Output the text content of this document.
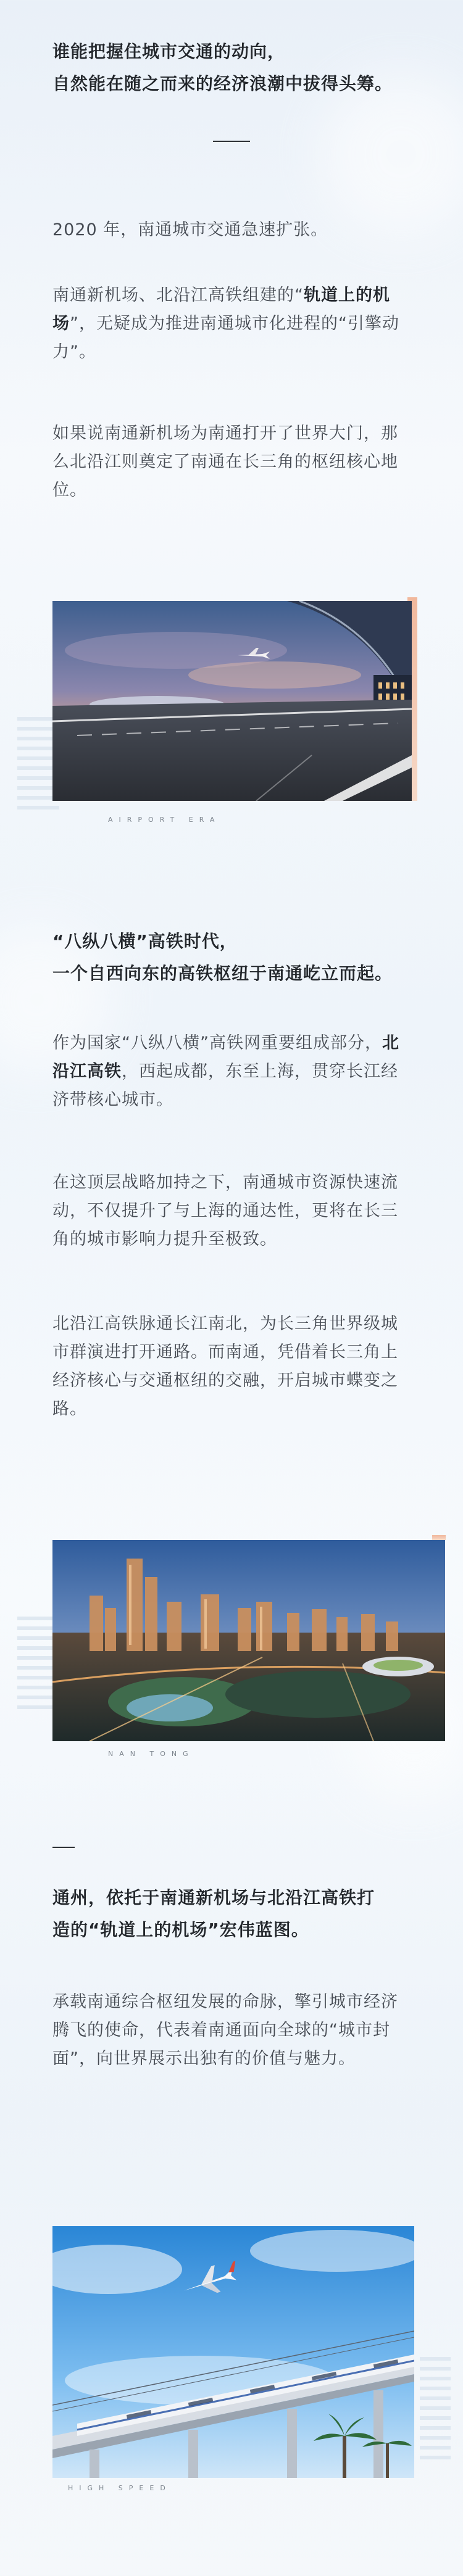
谁能把握住城市交通的动向，

自然能在随之而来的经济浪潮中拔得头筹。

2020 年，南通城市交通急速扩张。

南通新机场、北沿江高铁组建的“轨道上的机场”，无疑成为推进南通城市化进程的“引擎动力”。

如果说南通新机场为南通打开了世界大门，那么北沿江则奠定了南通在长三角的枢纽核心地位。

AIRPORT ERA

“八纵八横”高铁时代，

一个自西向东的高铁枢纽于南通屹立而起。

作为国家“八纵八横”高铁网重要组成部分，北沿江高铁，西起成都，东至上海，贯穿长江经济带核心城市。

在这顶层战略加持之下，南通城市资源快速流动，不仅提升了与上海的通达性，更将在长三角的城市影响力提升至极致。

北沿江高铁脉通长江南北，为长三角世界级城市群演进打开通路。而南通，凭借着长三角上经济核心与交通枢纽的交融，开启城市蝶变之路。

NAN TONG

通州，依托于南通新机场与北沿江高铁打

造的“轨道上的机场”宏伟蓝图。

承载南通综合枢纽发展的命脉，擎引城市经济腾飞的使命，代表着南通面向全球的“城市封面”，向世界展示出独有的价值与魅力。

HIGH SPEED
